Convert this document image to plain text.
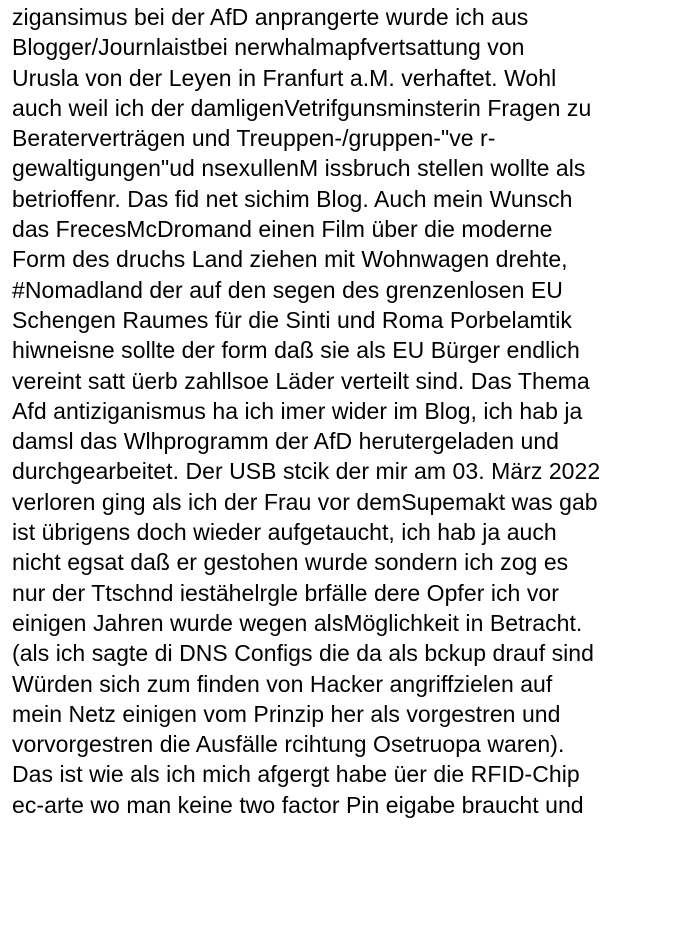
zigansimus bei der AfD anprangerte wurde ich aus
Blogger/Journlaistbei nerwhalmapfvertsattung von
Urusla von der Leyen in Franfurt a.M. verhaftet. Wohl
auch weil ich der damligenVetrifgunsminsterin Fragen zu
Beraterverträgen und Treuppen-/gruppen-"ve r-
gewaltigungen"ud nsexullenM issbruch stellen wollte als
betrioffenr. Das fid net sichim Blog. Auch mein Wunsch
das FrecesMcDromand einen Film über die moderne
Form des druchs Land ziehen mit Wohnwagen drehte,
#Nomadland der auf den segen des grenzenlosen EU
Schengen Raumes für die Sinti und Roma Porbelamtik
hiwneisne sollte der form daß sie als EU Bürger endlich
vereint satt üerb zahllsoe Läder verteilt sind. Das Thema
Afd antiziganismus ha ich imer wider im Blog, ich hab ja
damsl das Wlhprogramm der AfD herutergeladen und
durchgearbeitet. Der USB stcik der mir am 03. März 2022
verloren ging als ich der Frau vor demSupemakt was gab
ist übrigens doch wieder aufgetaucht, ich hab ja auch
nicht egsat daß er gestohen wurde sondern ich zog es
nur der Ttschnd iestähelrgle brfälle dere Opfer ich vor
einigen Jahren wurde wegen alsMöglichkeit in Betracht.
(als ich sagte di DNS Configs die da als bckup drauf sind
Würden sich zum finden von Hacker angriffzielen auf
mein Netz einigen vom Prinzip her als vorgestren und
vorvorgestren die Ausfälle rcihtung Osetruopa waren).
Das ist wie als ich mich afgergt habe üer die RFID-Chip
ec-arte wo man keine two factor Pin eigabe braucht und
